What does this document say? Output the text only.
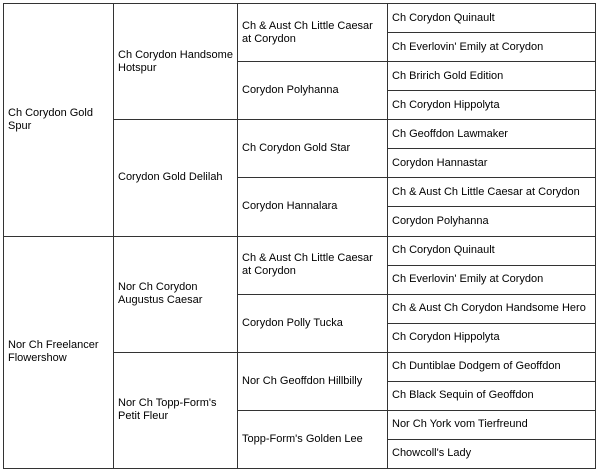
Ch Corydon Gold Spur	Ch Corydon Handsome Hotspur	Ch & Aust Ch Little Caesar at Corydon	Ch Corydon Quinault
			Ch Everlovin' Emily at Corydon
		Corydon Polyhanna	Ch Bririch Gold Edition
			Ch Corydon Hippolyta
	Corydon Gold Delilah	Ch Corydon Gold Star	Ch Geoffdon Lawmaker
			Corydon Hannastar
		Corydon Hannalara	Ch & Aust Ch Little Caesar at Corydon
			Corydon Polyhanna
Nor Ch Freelancer Flowershow	Nor Ch Corydon Augustus Caesar	Ch & Aust Ch Little Caesar at Corydon	Ch Corydon Quinault
			Ch Everlovin' Emily at Corydon
		Corydon Polly Tucka	Ch & Aust Ch Corydon Handsome Hero
			Ch Corydon Hippolyta
	Nor Ch Topp-Form's Petit Fleur	Nor Ch Geoffdon Hillbilly	Ch Duntiblae Dodgem of Geoffdon
			Ch Black Sequin of Geoffdon
		Topp-Form's Golden Lee	Nor Ch York vom Tierfreund
			Chowcoll's Lady
